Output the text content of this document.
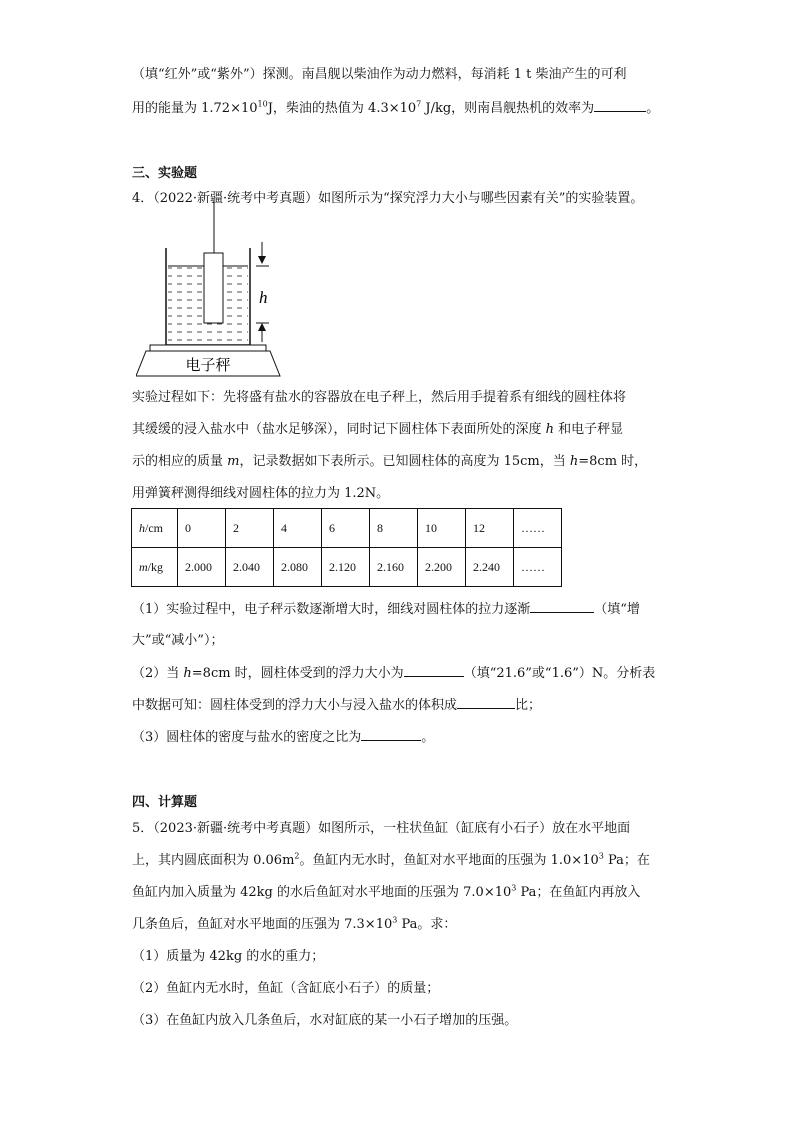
（填“红外”或“紫外”）探测。南昌舰以柴油作为动力燃料，每消耗 1 t 柴油产生的可利
用的能量为 $1.72\times 10^{10}J$，柴油的热值为 $4.3\times 10^7$ J/kg，则南昌舰热机的效率为	。
三、实验题
4．（2022·新疆·统考中考真题）如图所示为“探究浮力大小与哪些因素有关”的实验装置。
h
电子秤
实验过程如下：先将盛有盐水的容器放在电子秤上，然后用手提着系有细线的圆柱体将
其缓缓的浸入盐水中（盐水足够深），同时记下圆柱体下表面所处的深度 h 和电子秤显
示的相应的质量 m，记录数据如下表所示。已知圆柱体的高度为 15cm，当 h=8cm 时，
用弹簧秤测得细线对圆柱体的拉力为 1.2N。
h/cm	0	2	4	6	8	10	12	……
m/kg	2.000	2.040	2.080	2.120	2.160	2.200	2.240	……
（1）实验过程中，电子秤示数逐渐增大时，细线对圆柱体的拉力逐渐	（填“增
大”或“减小”）；
（2）当 h=8cm 时，圆柱体受到的浮力大小为	（填“21.6”或“1.6”）N。分析表
中数据可知：圆柱体受到的浮力大小与浸入盐水的体积成	比；
（3）圆柱体的密度与盐水的密度之比为	。
四、计算题
5．（2023·新疆·统考中考真题）如图所示，一柱状鱼缸（缸底有小石子）放在水平地面
上，其内圆底面积为 $0.06m^2$。鱼缸内无水时，鱼缸对水平地面的压强为 $1.0\times 10^3$ Pa；在
鱼缸内加入质量为 42kg 的水后鱼缸对水平地面的压强为 $7.0\times 10^3$ Pa；在鱼缸内再放入
几条鱼后，鱼缸对水平地面的压强为 $7.3\times 10^3$ Pa。求：
（1）质量为 42kg 的水的重力；
（2）鱼缸内无水时，鱼缸（含缸底小石子）的质量；
（3）在鱼缸内放入几条鱼后，水对缸底的某一小石子增加的压强。
